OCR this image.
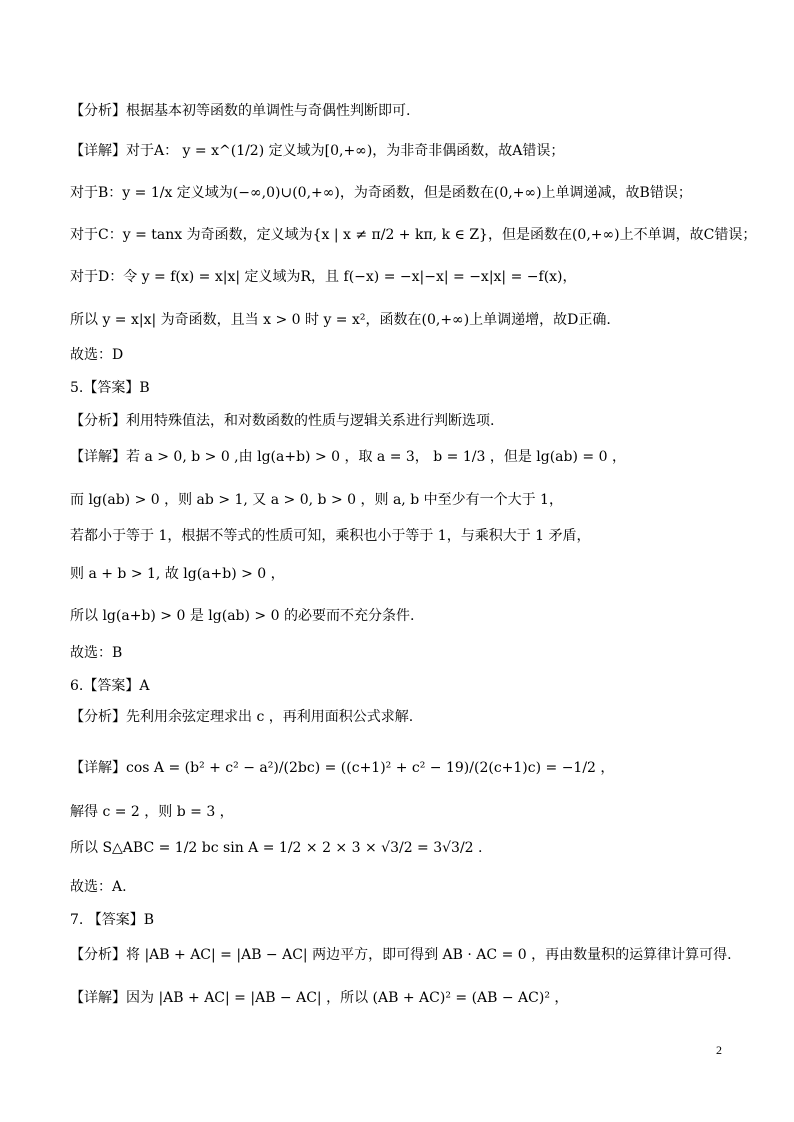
【分析】根据基本初等函数的单调性与奇偶性判断即可.
【详解】对于A： y = x^(1/2) 定义域为[0,+∞)，为非奇非偶函数，故A错误；
对于B：y = 1/x 定义域为(−∞,0)∪(0,+∞)，为奇函数，但是函数在(0,+∞)上单调递减，故B错误；
对于C：y = tanx 为奇函数，定义域为{x | x ≠ π/2 + kπ, k ∈ Z}，但是函数在(0,+∞)上不单调，故C错误；
对于D：令 y = f(x) = x|x| 定义域为R，且 f(−x) = −x|−x| = −x|x| = −f(x)，
所以 y = x|x| 为奇函数，且当 x > 0 时 y = x²，函数在(0,+∞)上单调递增，故D正确.
故选：D
5.【答案】B
【分析】利用特殊值法，和对数函数的性质与逻辑关系进行判断选项.
【详解】若 a > 0, b > 0 ,由 lg(a+b) > 0 ，取 a = 3， b = 1/3 ，但是 lg(ab) = 0 ，
而 lg(ab) > 0 ，则 ab > 1, 又 a > 0, b > 0 ，则 a, b 中至少有一个大于 1，
若都小于等于 1，根据不等式的性质可知，乘积也小于等于 1，与乘积大于 1 矛盾，
则 a + b > 1, 故 lg(a+b) > 0 ，
所以 lg(a+b) > 0 是 lg(ab) > 0 的必要而不充分条件.
故选：B
6.【答案】A
【分析】先利用余弦定理求出 c ，再利用面积公式求解.
【详解】cos A = (b² + c² − a²)/(2bc) = ((c+1)² + c² − 19)/(2(c+1)c) = −1/2 ，
解得 c = 2 ，则 b = 3 ，
所以 S△ABC = 1/2 bc sin A = 1/2 × 2 × 3 × √3/2 = 3√3/2 .
故选：A.
7. 【答案】B
【分析】将 |AB + AC| = |AB − AC| 两边平方，即可得到 AB · AC = 0 ，再由数量积的运算律计算可得.
【详解】因为 |AB + AC| = |AB − AC| ，所以 (AB + AC)² = (AB − AC)² ，
2
